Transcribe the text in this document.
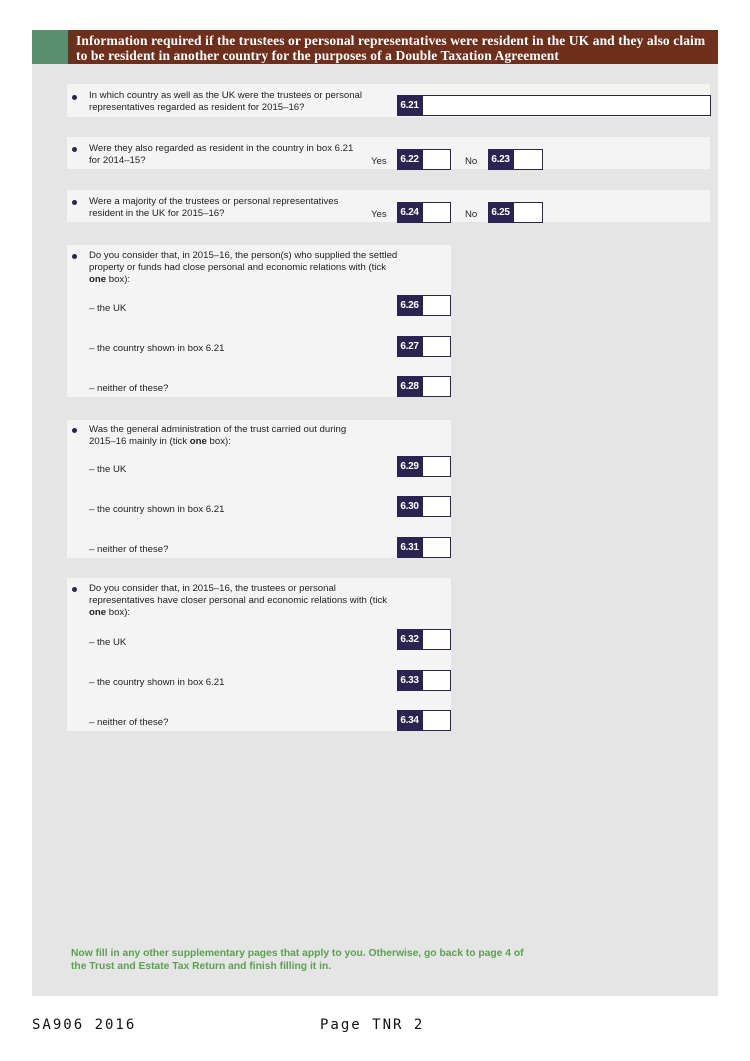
Information required if the trustees or personal representatives were resident in the UK and they also claim to be resident in another country for the purposes of a Double Taxation Agreement
In which country as well as the UK were the trustees or personal representatives regarded as resident for 2015–16?	6.21
Were they also regarded as resident in the country in box 6.21 for 2014–15?	Yes	6.22	No	6.23
Were a majority of the trustees or personal representatives resident in the UK for 2015–16?	Yes	6.24	No	6.25
Do you consider that, in 2015–16, the person(s) who supplied the settled property or funds had close personal and economic relations with (tick one box):
– the UK	6.26
– the country shown in box 6.21	6.27
– neither of these?	6.28
Was the general administration of the trust carried out during 2015–16 mainly in (tick one box):
– the UK	6.29
– the country shown in box 6.21	6.30
– neither of these?	6.31
Do you consider that, in 2015–16, the trustees or personal representatives have closer personal and economic relations with (tick one box):
– the UK	6.32
– the country shown in box 6.21	6.33
– neither of these?	6.34
Now fill in any other supplementary pages that apply to you. Otherwise, go back to page 4 of the Trust and Estate Tax Return and finish filling it in.
SA906 2016	Page TNR 2
